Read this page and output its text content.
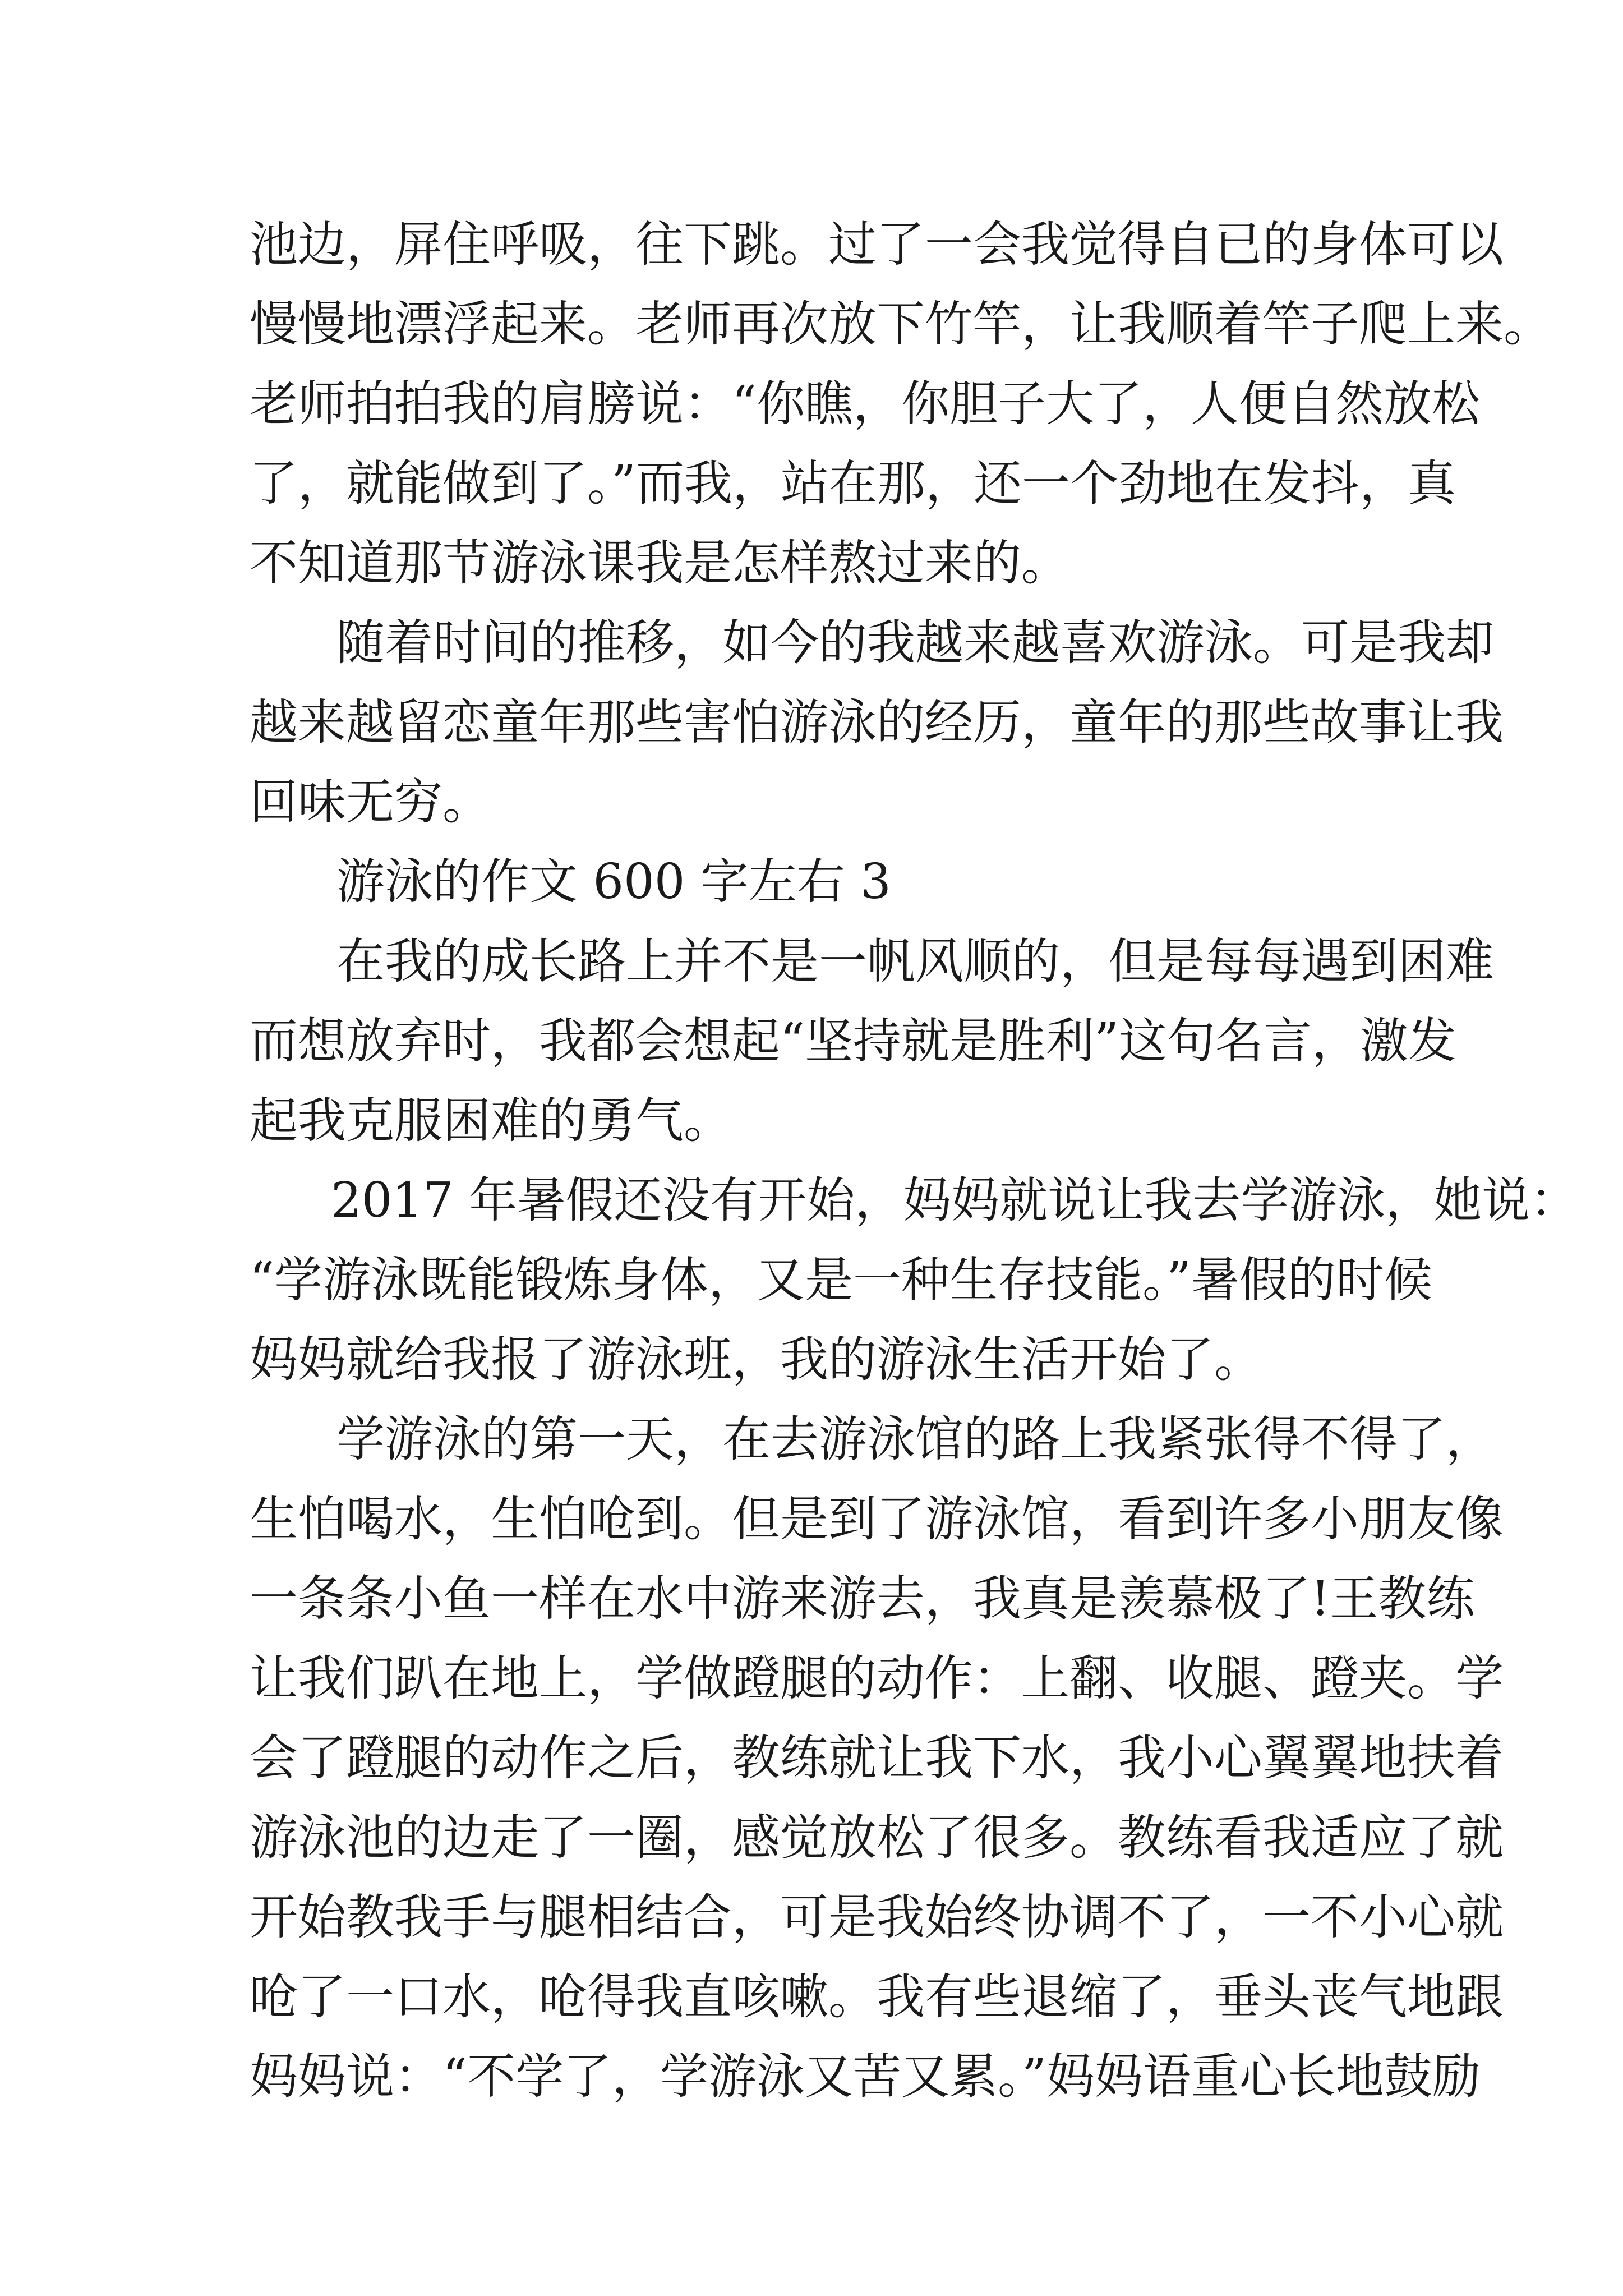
池边，屏住呼吸，往下跳。过了一会我觉得自已的身体可以
慢慢地漂浮起来。老师再次放下竹竿，让我顺着竿子爬上来。
老师拍拍我的肩膀说：“你瞧，你胆子大了，人便自然放松
了，就能做到了。”而我，站在那，还一个劲地在发抖，真
不知道那节游泳课我是怎样熬过来的。
随着时间的推移，如今的我越来越喜欢游泳。可是我却
越来越留恋童年那些害怕游泳的经历，童年的那些故事让我
回味无穷。
游泳的作文 600 字左右 3
在我的成长路上并不是一帆风顺的，但是每每遇到困难
而想放弃时，我都会想起“坚持就是胜利”这句名言，激发
起我克服困难的勇气。
2017 年暑假还没有开始，妈妈就说让我去学游泳，她说：
“学游泳既能锻炼身体，又是一种生存技能。”暑假的时候
妈妈就给我报了游泳班，我的游泳生活开始了。
学游泳的第一天，在去游泳馆的路上我紧张得不得了，
生怕喝水，生怕呛到。但是到了游泳馆，看到许多小朋友像
一条条小鱼一样在水中游来游去，我真是羡慕极了!王教练
让我们趴在地上，学做蹬腿的动作：上翻、收腿、蹬夹。学
会了蹬腿的动作之后，教练就让我下水，我小心翼翼地扶着
游泳池的边走了一圈，感觉放松了很多。教练看我适应了就
开始教我手与腿相结合，可是我始终协调不了，一不小心就
呛了一口水，呛得我直咳嗽。我有些退缩了，垂头丧气地跟
妈妈说：“不学了，学游泳又苦又累。”妈妈语重心长地鼓励
